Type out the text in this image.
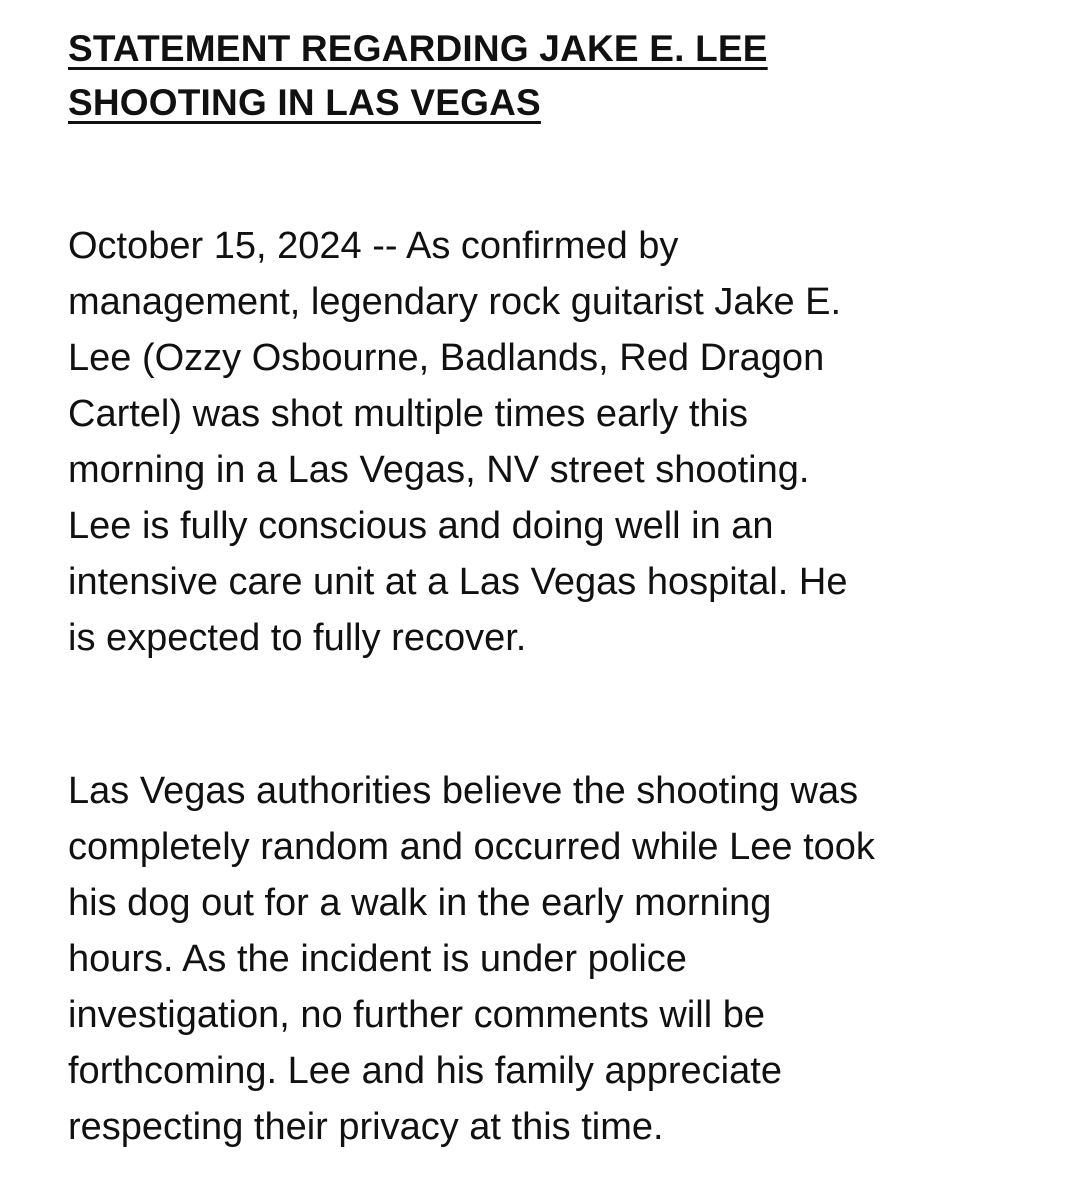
STATEMENT REGARDING JAKE E. LEE
SHOOTING IN LAS VEGAS

October 15, 2024 -- As confirmed by
management, legendary rock guitarist Jake E.
Lee (Ozzy Osbourne, Badlands, Red Dragon
Cartel) was shot multiple times early this
morning in a Las Vegas, NV street shooting.
Lee is fully conscious and doing well in an
intensive care unit at a Las Vegas hospital. He
is expected to fully recover.

Las Vegas authorities believe the shooting was
completely random and occurred while Lee took
his dog out for a walk in the early morning
hours. As the incident is under police
investigation, no further comments will be
forthcoming. Lee and his family appreciate
respecting their privacy at this time.
